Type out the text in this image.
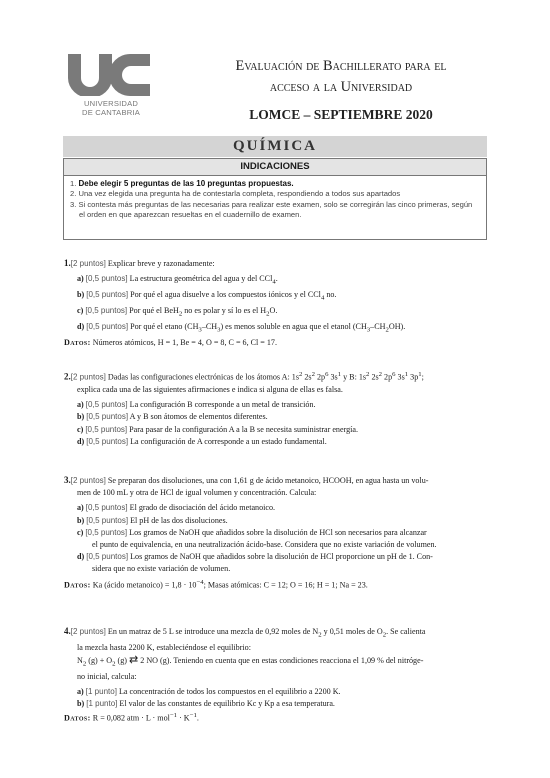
UNIVERSIDAD
DE CANTABRIA
Evaluación de Bachillerato para el
acceso a la Universidad
LOMCE – SEPTIEMBRE 2020
QUÍMICA
INDICACIONES
1. Debe elegir 5 preguntas de las 10 preguntas propuestas.
2. Una vez elegida una pregunta ha de contestarla completa, respondiendo a todos sus apartados
3. Si contesta más preguntas de las necesarias para realizar este examen, solo se corregirán las cinco primeras, según el orden en que aparezcan resueltas en el cuadernillo de examen.
1.[2 puntos] Explicar breve y razonadamente:
a) [0,5 puntos] La estructura geométrica del agua y del CCl$_4$.
b) [0,5 puntos] Por qué el agua disuelve a los compuestos iónicos y el CCl$_4$ no.
c) [0,5 puntos] Por qué el BeH$_2$ no es polar y sí lo es el $H_2O$.
d) [0,5 puntos] Por qué el etano $(CH_3-CH_3)$ es menos soluble en agua que el etanol $(CH_3-CH_2OH)$.
Datos: Números atómicos, H = 1, Be = 4, O = 8, C = 6, Cl = 17.
2.[2 puntos] Dadas las configuraciones electrónicas de los átomos A: $1s^2$ $2s^2$ $2p^6$ $3s^1$ y B: $1s^2$ $2s^2$ $2p^6$ $3s^1$ $3p^1$;
explica cada una de las siguientes afirmaciones e indica si alguna de ellas es falsa.
a) [0,5 puntos] La configuración B corresponde a un metal de transición.
b) [0,5 puntos] A y B son átomos de elementos diferentes.
c) [0,5 puntos] Para pasar de la configuración A a la B se necesita suministrar energía.
d) [0,5 puntos] La configuración de A corresponde a un estado fundamental.
3.[2 puntos] Se preparan dos disoluciones, una con 1,61 g de ácido metanoico, HCOOH, en agua hasta un volu-
men de 100 mL y otra de HCl de igual volumen y concentración. Calcula:
a) [0,5 puntos] El grado de disociación del ácido metanoico.
b) [0,5 puntos] El pH de las dos disoluciones.
c) [0,5 puntos] Los gramos de NaOH que añadidos sobre la disolución de HCl son necesarios para alcanzar
el punto de equivalencia, en una neutralización ácido-base. Considera que no existe variación de volumen.
d) [0,5 puntos] Los gramos de NaOH que añadidos sobre la disolución de HCl proporcione un pH de 1. Con-
sidera que no existe variación de volumen.
Datos: Ka (ácido metanoico) = $1,8 \cdot 10^{-4}$; Masas atómicas: C = 12; O = 16; H = 1; Na = 23.
4.[2 puntos] En un matraz de 5 L se introduce una mezcla de 0,92 moles de $N_2$ y 0,51 moles de $O_2$. Se calienta
la mezcla hasta 2200 K, estableciéndose el equilibrio:
$N_2$ $(g) + O_2$ (g) ⇄ 2 NO (g). Teniendo en cuenta que en estas condiciones reacciona el 1,09 % del nitróge-
no inicial, calcula:
a) [1 punto] La concentración de todos los compuestos en el equilibrio a 2200 K.
b) [1 punto] El valor de las constantes de equilibrio Kc y Kp a esa temperatura.
Datos: R = 0,082 atm · $L \cdot mol^{-1} \cdot K^{-1}$.
